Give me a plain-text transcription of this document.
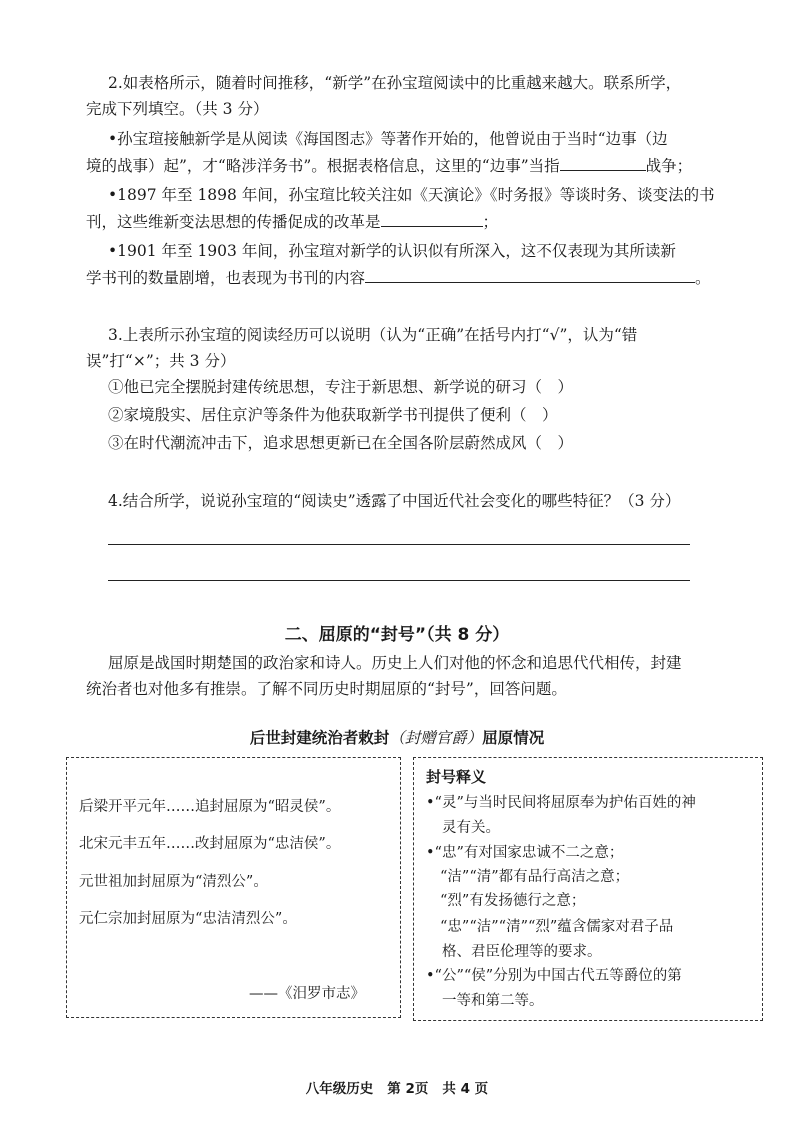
2.如表格所示，随着时间推移，“新学”在孙宝瑄阅读中的比重越来越大。联系所学，
完成下列填空。（共 3 分）
•孙宝瑄接触新学是从阅读《海国图志》等著作开始的，他曾说由于当时“边事（边
境的战事）起”，才“略涉洋务书”。根据表格信息，这里的“边事”当指	战争；
•1897 年至 1898 年间，孙宝瑄比较关注如《天演论》《时务报》等谈时务、谈变法的书
刊，这些维新变法思想的传播促成的改革是	；
•1901 年至 1903 年间，孙宝瑄对新学的认识似有所深入，这不仅表现为其所读新
学书刊的数量剧增，也表现为书刊的内容	。
3.上表所示孙宝瑄的阅读经历可以说明（认为“正确”在括号内打“√”，认为“错
误”打“×”；共 3 分）
①他已完全摆脱封建传统思想，专注于新思想、新学说的研习（　）
②家境殷实、居住京沪等条件为他获取新学书刊提供了便利（　）
③在时代潮流冲击下，追求思想更新已在全国各阶层蔚然成风（　）
4.结合所学，说说孙宝瑄的“阅读史”透露了中国近代社会变化的哪些特征？（3 分）
二、屈原的“封号”（共 8 分）
屈原是战国时期楚国的政治家和诗人。历史上人们对他的怀念和追思代代相传，封建
统治者也对他多有推崇。了解不同历史时期屈原的“封号”，回答问题。
后世封建统治者敕封（封赠官爵）屈原情况
后梁开平元年……追封屈原为“昭灵侯”。
北宋元丰五年……改封屈原为“忠洁侯”。
元世祖加封屈原为“清烈公”。
元仁宗加封屈原为“忠洁清烈公”。
——《汨罗市志》
封号释义
•“灵”与当时民间将屈原奉为护佑百姓的神
灵有关。
•“忠”有对国家忠诚不二之意；
“洁”“清”都有品行高洁之意；
“烈”有发扬德行之意；
“忠”“洁”“清”“烈”蕴含儒家对君子品
格、君臣伦理等的要求。
•“公”“侯”分别为中国古代五等爵位的第
一等和第二等。
八年级历史 第 2页 共 4 页
